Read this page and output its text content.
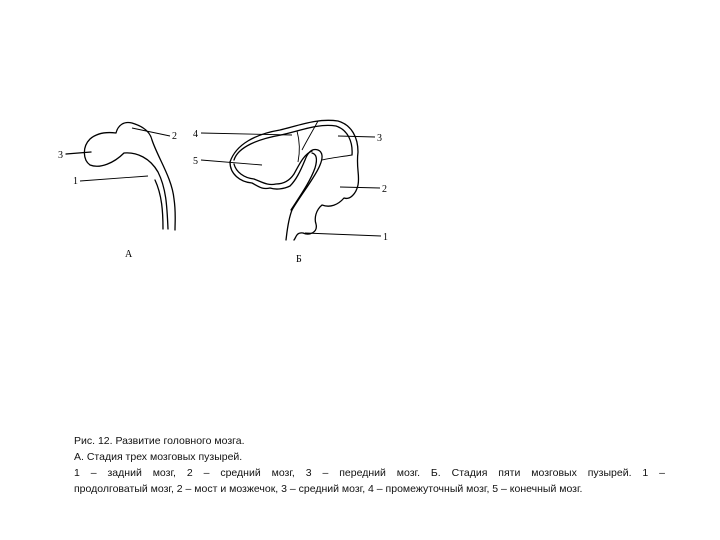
2
3
1
А
4
5
3
2
1
Б
Рис. 12. Развитие головного мозга.
А. Стадия трех мозговых пузырей.
1 – задний мозг, 2 – средний мозг, 3 – передний мозг. Б. Стадия пяти мозговых пузырей. 1 –
продолговатый мозг, 2 – мост и мозжечок, 3 – средний мозг, 4 – промежуточный мозг, 5 – конечный мозг.
